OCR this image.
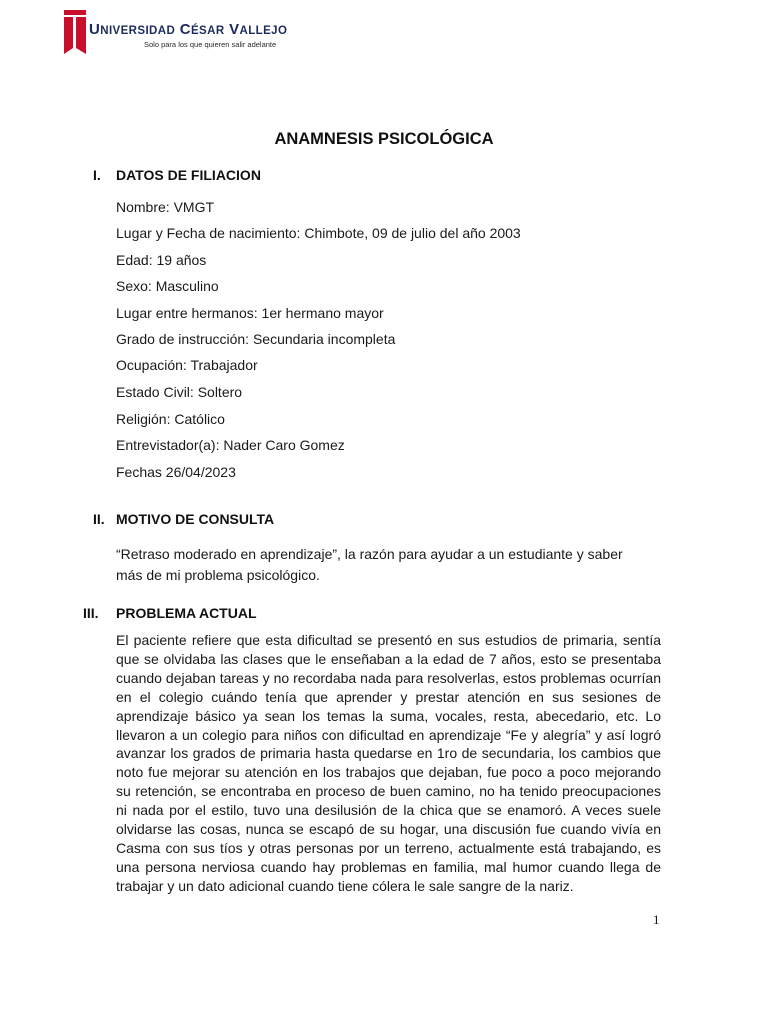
UNIVERSIDAD CÉSAR VALLEJO
Solo para los que quieren salir adelante
ANAMNESIS PSICOLÓGICA
I. DATOS DE FILIACION
Nombre: VMGT
Lugar y Fecha de nacimiento: Chimbote, 09 de julio del año 2003
Edad: 19 años
Sexo: Masculino
Lugar entre hermanos: 1er hermano mayor
Grado de instrucción: Secundaria incompleta
Ocupación: Trabajador
Estado Civil: Soltero
Religión: Católico
Entrevistador(a): Nader Caro Gomez
Fechas 26/04/2023
II. MOTIVO DE CONSULTA
“Retraso moderado en aprendizaje”, la razón para ayudar a un estudiante y saber más de mi problema psicológico.
III. PROBLEMA ACTUAL
El paciente refiere que esta dificultad se presentó en sus estudios de primaria, sentía que se olvidaba las clases que le enseñaban a la edad de 7 años, esto se presentaba cuando dejaban tareas y no recordaba nada para resolverlas, estos problemas ocurrían en el colegio cuándo tenía que aprender y prestar atención en sus sesiones de aprendizaje básico ya sean los temas la suma, vocales, resta, abecedario, etc. Lo llevaron a un colegio para niños con dificultad en aprendizaje “Fe y alegría” y así logró avanzar los grados de primaria hasta quedarse en 1ro de secundaria, los cambios que noto fue mejorar su atención en los trabajos que dejaban, fue poco a poco mejorando su retención, se encontraba en proceso de buen camino, no ha tenido preocupaciones ni nada por el estilo, tuvo una desilusión de la chica que se enamoró. A veces suele olvidarse las cosas, nunca se escapó de su hogar, una discusión fue cuando vivía en Casma con sus tíos y otras personas por un terreno, actualmente está trabajando, es una persona nerviosa cuando hay problemas en familia, mal humor cuando llega de trabajar y un dato adicional cuando tiene cólera le sale sangre de la nariz.
1
